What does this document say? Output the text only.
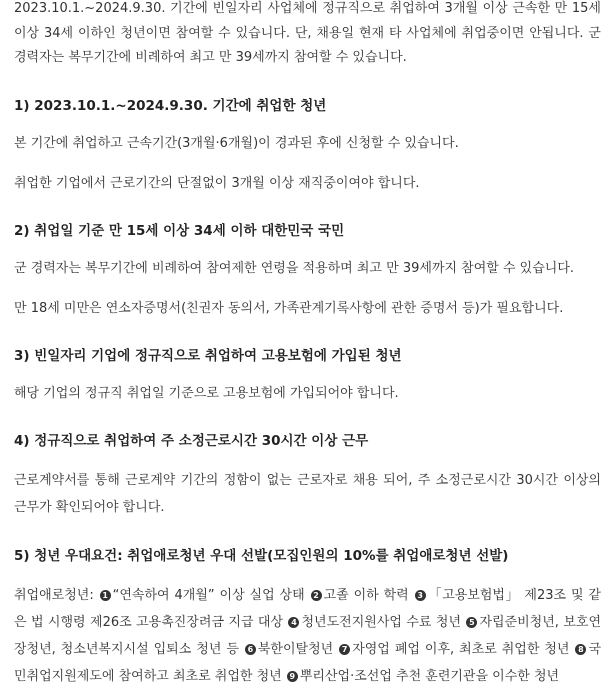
2023.10.1.~2024.9.30. 기간에 빈일자리 사업체에 정규직으로 취업하여 3개월 이상 근속한 만 15세 이상 34세 이하인 청년이면 참여할 수 있습니다. 단, 채용일 현재 타 사업체에 취업중이면 안됩니다. 군 경력자는 복무기간에 비례하여 최고 만 39세까지 참여할 수 있습니다.

1) 2023.10.1.~2024.9.30. 기간에 취업한 청년

본 기간에 취업하고 근속기간(3개월·6개월)이 경과된 후에 신청할 수 있습니다.

취업한 기업에서 근로기간의 단절없이 3개월 이상 재직중이여야 합니다.

2) 취업일 기준 만 15세 이상 34세 이하 대한민국 국민

군 경력자는 복무기간에 비례하여 참여제한 연령을 적용하며 최고 만 39세까지 참여할 수 있습니다.

만 18세 미만은 연소자증명서(친권자 동의서, 가족관계기록사항에 관한 증명서 등)가 필요합니다.

3) 빈일자리 기업에 정규직으로 취업하여 고용보험에 가입된 청년

해당 기업의 정규직 취업일 기준으로 고용보험에 가입되어야 합니다.

4) 정규직으로 취업하여 주 소정근로시간 30시간 이상 근무

근로계약서를 통해 근로계약 기간의 정함이 없는 근로자로 채용 되어, 주 소정근로시간 30시간 이상의 근무가 확인되어야 합니다.

5) 청년 우대요건: 취업애로청년 우대 선발(모집인원의 10%를 취업애로청년 선발)

취업애로청년: 1 “연속하여 4개월” 이상 실업 상태 2 고졸 이하 학력 3 「고용보험법」 제23조 및 같은 법 시행령 제26조 고용촉진장려금 지급 대상 4 청년도전지원사업 수료 청년 5 자립준비청년, 보호연장청년, 청소년복지시설 입퇴소 청년 등 6 북한이탈청년 7 자영업 폐업 이후, 최초로 취업한 청년 8 국민취업지원제도에 참여하고 최초로 취업한 청년 9 뿌리산업·조선업 추천 훈련기관을 이수한 청년
